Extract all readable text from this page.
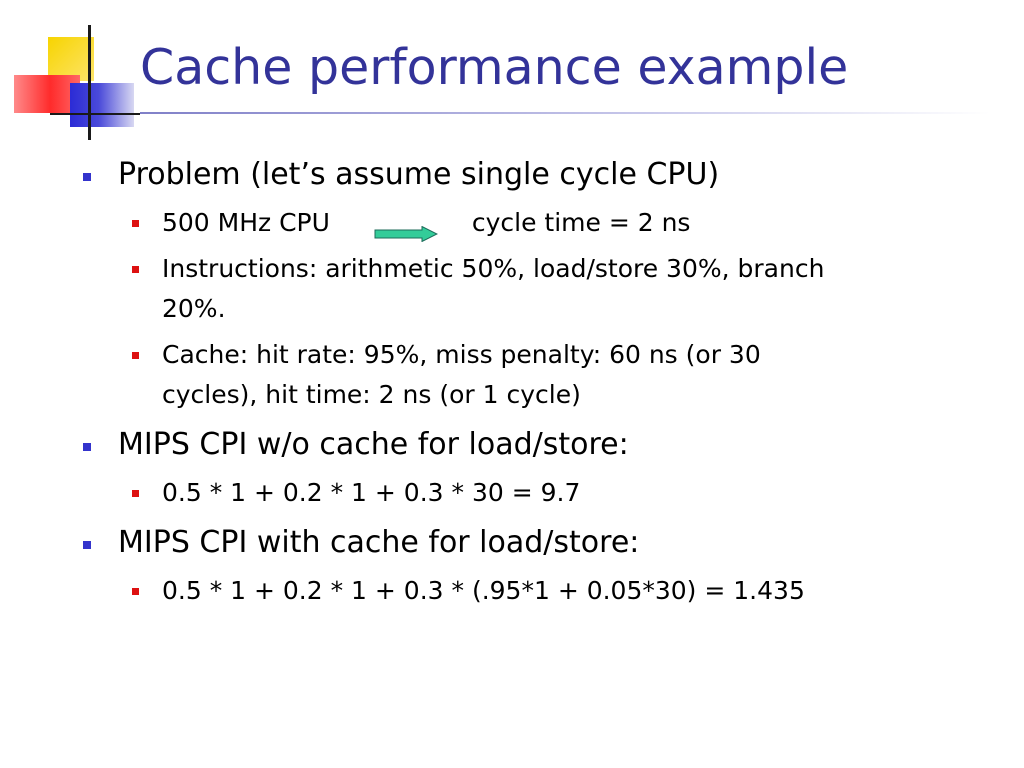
Cache performance example
Problem (let’s assume single cycle CPU)
500 MHz CPU	cycle time = 2 ns
Instructions: arithmetic 50%, load/store 30%, branch
20%.
Cache: hit rate: 95%, miss penalty: 60 ns (or 30
cycles), hit time: 2 ns (or 1 cycle)
MIPS CPI w/o cache for load/store:
0.5 * 1 + 0.2 * 1 + 0.3 * 30 = 9.7
MIPS CPI with cache for load/store:
0.5 * 1 + 0.2 * 1 + 0.3 * (.95*1 + 0.05*30) = 1.435
